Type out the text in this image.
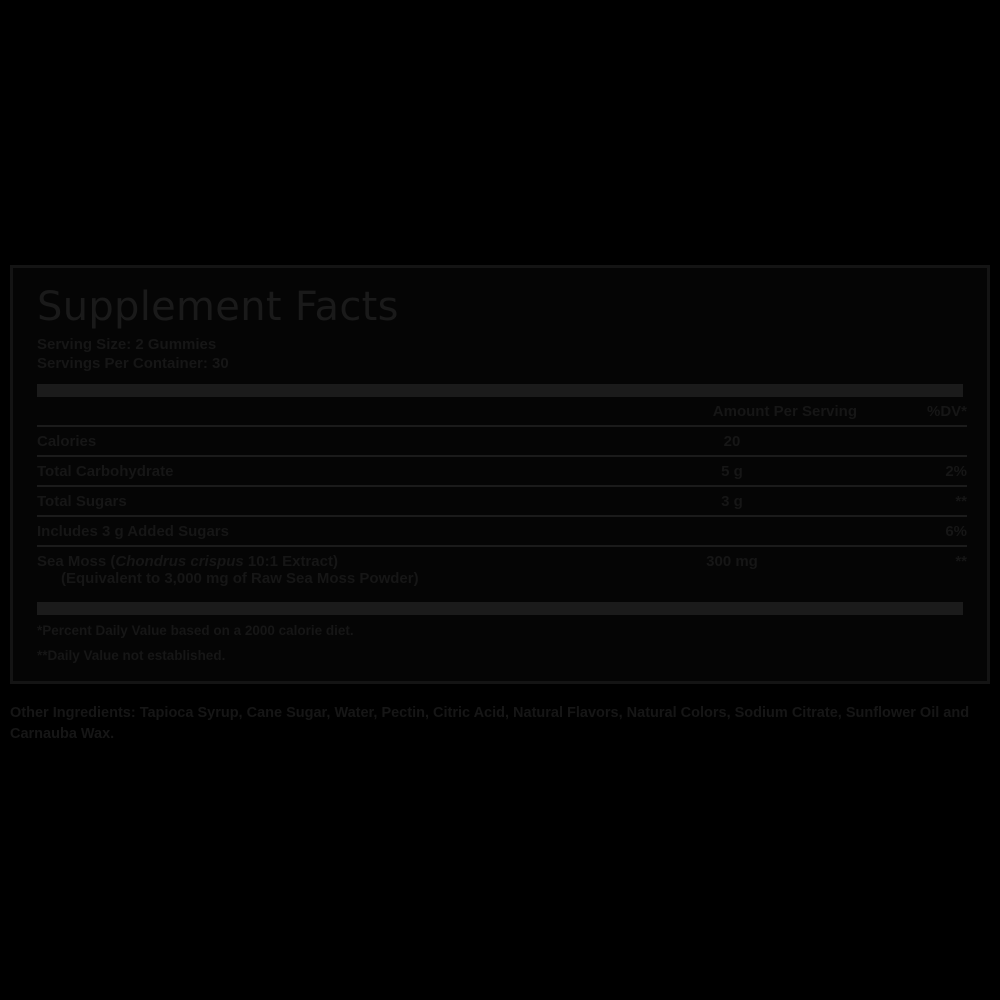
Supplement Facts
Serving Size: 2 Gummies
Servings Per Container: 30
	Amount Per Serving	%DV*
Calories	20	
Total Carbohydrate	5 g	2%
Total Sugars	3 g	**
Includes 3 g Added Sugars		6%
Sea Moss (Chondrus crispus 10:1 Extract)
(Equivalent to 3,000 mg of Raw Sea Moss Powder)	300 mg	**
*Percent Daily Value based on a 2000 calorie diet.
**Daily Value not established.
Other Ingredients: Tapioca Syrup, Cane Sugar, Water, Pectin, Citric Acid, Natural Flavors, Natural Colors, Sodium Citrate, Sunflower Oil and Carnauba Wax.
